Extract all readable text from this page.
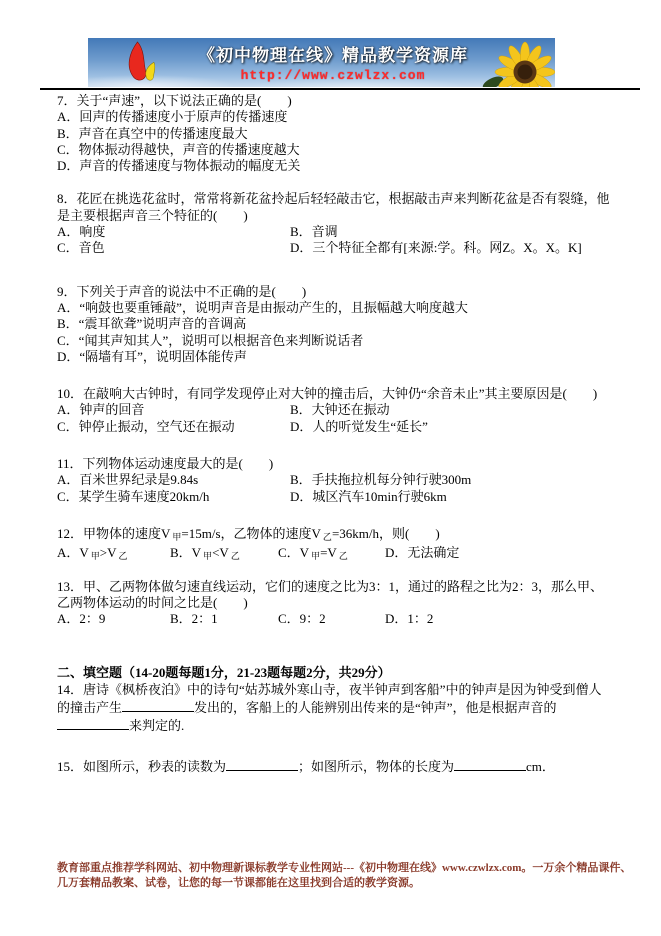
《初中物理在线》精品教学资源库
http://www.czwlzx.com

7．关于“声速”，以下说法正确的是(　　)

A．回声的传播速度小于原声的传播速度

B．声音在真空中的传播速度最大

C．物体振动得越快，声音的传播速度越大

D．声音的传播速度与物体振动的幅度无关

8．花匠在挑选花盆时，常常将新花盆拎起后轻轻敲击它，根据敲击声来判断花盆是否有裂缝，他是主要根据声音三个特征的(　　)

A．响度	B．音调

C．音色	D．三个特征全都有[来源:学。科。网Z。X。X。K]

9．下列关于声音的说法中不正确的是(　　)

A．“响鼓也要重锤敲”，说明声音是由振动产生的，且振幅越大响度越大

B．“震耳欲聋”说明声音的音调高

C．“闻其声知其人”，说明可以根据音色来判断说话者

D．“隔墙有耳”，说明固体能传声

10．在敲响大古钟时，有同学发现停止对大钟的撞击后，大钟仍“余音未止”其主要原因是(　　)

A．钟声的回音	B．大钟还在振动

C．钟停止振动，空气还在振动	D．人的听觉发生“延长”

11．下列物体运动速度最大的是(　　)

A．百米世界纪录是9.84s	B．手扶拖拉机每分钟行驶300m

C．某学生骑车速度20km/h	D．城区汽车10min行驶6km

12．甲物体的速度V 甲=15m/s，乙物体的速度V 乙=36km/h，则(　　)

A．V 甲>V 乙	B．V 甲<V 乙	C．V 甲=V 乙	D．无法确定

13．甲、乙两物体做匀速直线运动，它们的速度之比为3：1，通过的路程之比为2：3，那么甲、乙两物体运动的时间之比是(　　)

A．2：9	B．2：1	C．9：2	D．1：2

二、填空题（14-20题每题1分，21-23题每题2分，共29分）

14．唐诗《枫桥夜泊》中的诗句“姑苏城外寒山寺，夜半钟声到客船”中的钟声是因为钟受到僧人的撞击产生	发出的，客船上的人能辨别出传来的是“钟声”，他是根据声音的来判定的.

15．如图所示，秒表的读数为	；如图所示，物体的长度为	cm．

教育部重点推荐学科网站、初中物理新课标教学专业性网站---《初中物理在线》www.czwlzx.com。一万余个精品课件、几万套精品教案、试卷，让您的每一节课都能在这里找到合适的教学资源。
